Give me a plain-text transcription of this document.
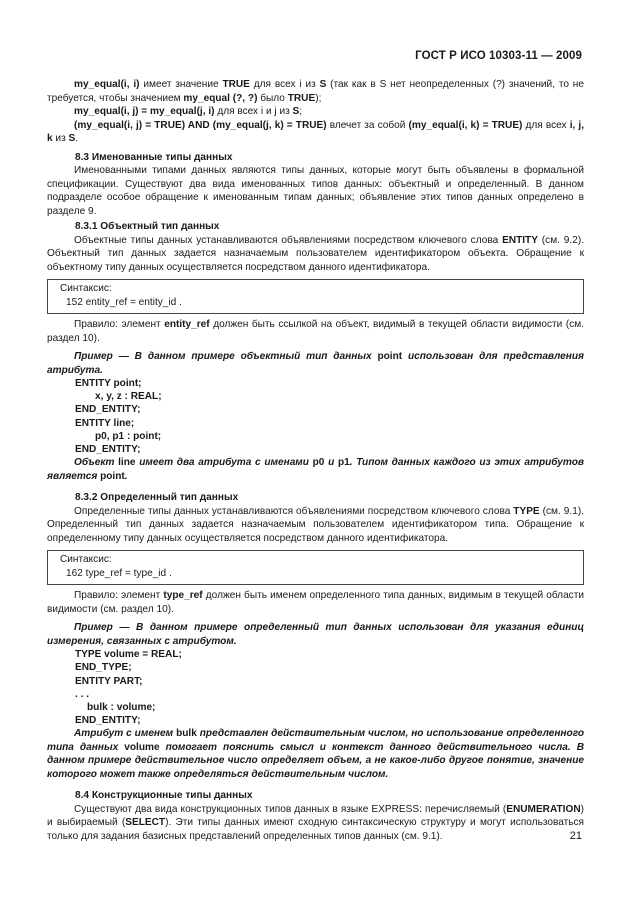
ГОСТ Р ИСО 10303-11 — 2009

my_equal(i, i) имеет значение TRUE для всех i из S (так как в S нет неопределенных (?) значений, то не требуется, чтобы значением my_equal (?, ?) было TRUE);

my_equal(i, j) = my_equal(j, i) для всех i и j из S;

(my_equal(i, j) = TRUE) AND (my_equal(j, k) = TRUE) влечет за собой (my_equal(i, k) = TRUE) для всех i, j, k из S.

8.3 Именованные типы данных

Именованными типами данных являются типы данных, которые могут быть объявлены в формальной спецификации. Существуют два вида именованных типов данных: объектный и определенный. В данном подразделе особое обращение к именованным типам данных; объявление этих типов данных определено в разделе 9.

8.3.1 Объектный тип данных

Объектные типы данных устанавливаются объявлениями посредством ключевого слова ENTITY (см. 9.2). Объектный тип данных задается назначаемым пользователем идентификатором объекта. Обращение к объектному типу данных осуществляется посредством данного идентификатора.

Синтаксис:
152 entity_ref = entity_id .

Правило: элемент entity_ref должен быть ссылкой на объект, видимый в текущей области видимости (см. раздел 10).

Пример — В данном примере объектный тип данных point использован для представления атрибута.

ENTITY point;
x, y, z : REAL;
END_ENTITY;
ENTITY line;
p0, p1 : point;
END_ENTITY;

Объект line имеет два атрибута с именами p0 и p1. Типом данных каждого из этих атрибутов является point.

8.3.2 Определенный тип данных

Определенные типы данных устанавливаются объявлениями посредством ключевого слова TYPE (см. 9.1). Определенный тип данных задается назначаемым пользователем идентификатором типа. Обращение к определенному типу данных осуществляется посредством данного идентификатора.

Синтаксис:
162 type_ref = type_id .

Правило: элемент type_ref должен быть именем определенного типа данных, видимым в текущей области видимости (см. раздел 10).

Пример — В данном примере определенный тип данных использован для указания единиц измерения, связанных с атрибутом.

TYPE volume = REAL;
END_TYPE;
ENTITY PART;
. . .
bulk : volume;
END_ENTITY;

Атрибут с именем bulk представлен действительным числом, но использование определенного типа данных volume помогает пояснить смысл и контекст данного действительного числа. В данном примере действительное число определяет объем, а не какое-либо другое понятие, значение которого может также определяться действительным числом.

8.4 Конструкционные типы данных

Существуют два вида конструкционных типов данных в языке EXPRESS: перечисляемый (ENUMERATION) и выбираемый (SELECT). Эти типы данных имеют сходную синтаксическую структуру и могут использоваться только для задания базисных представлений определенных типов данных (см. 9.1).	21
